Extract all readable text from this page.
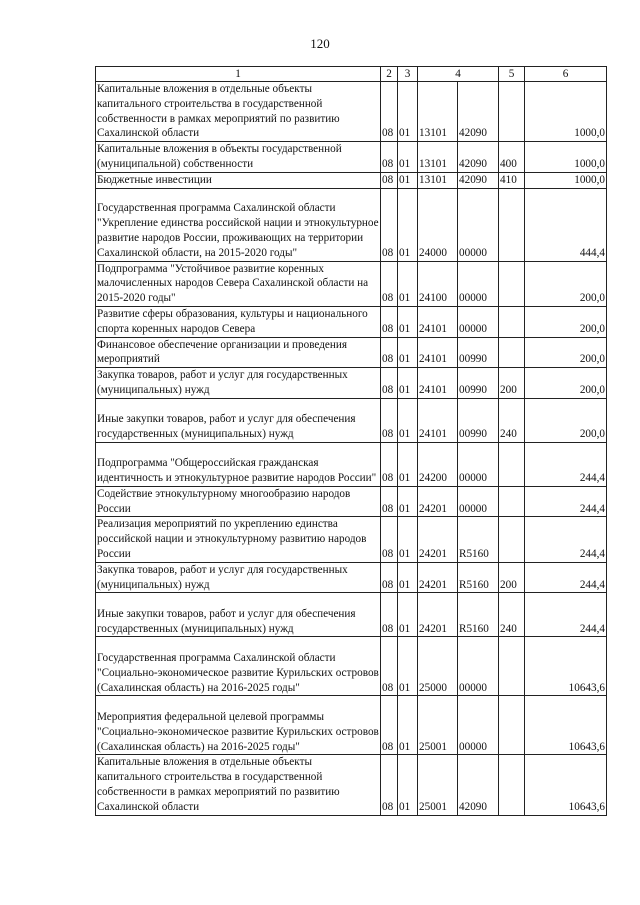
120
1	2	3	4		5	6
Капитальные вложения в отдельные объекты капитального строительства в государственной собственности в рамках мероприятий по развитию Сахалинской области	08	01	13101	42090		1000,0
Капитальные вложения в объекты государственной (муниципальной) собственности	08	01	13101	42090	400	1000,0
Бюджетные инвестиции	08	01	13101	42090	410	1000,0
Государственная программа Сахалинской области "Укрепление единства российской нации и этнокультурное развитие народов России, проживающих на территории Сахалинской области, на 2015-2020 годы"	08	01	24000	00000		444,4
Подпрограмма "Устойчивое развитие коренных малочисленных народов Севера Сахалинской области на 2015-2020 годы"	08	01	24100	00000		200,0
Развитие сферы образования, культуры и национального спорта коренных народов Севера	08	01	24101	00000		200,0
Финансовое обеспечение организации и проведения мероприятий	08	01	24101	00990		200,0
Закупка товаров, работ и услуг для государственных (муниципальных) нужд	08	01	24101	00990	200	200,0
Иные закупки товаров, работ и услуг для обеспечения государственных (муниципальных) нужд	08	01	24101	00990	240	200,0
Подпрограмма "Общероссийская гражданская идентичность и этнокультурное развитие народов России"	08	01	24200	00000		244,4
Содействие этнокультурному многообразию народов России	08	01	24201	00000		244,4
Реализация мероприятий по укреплению единства российской нации и этнокультурному развитию народов России	08	01	24201	R5160		244,4
Закупка товаров, работ и услуг для государственных (муниципальных) нужд	08	01	24201	R5160	200	244,4
Иные закупки товаров, работ и услуг для обеспечения государственных (муниципальных) нужд	08	01	24201	R5160	240	244,4
Государственная программа Сахалинской области "Социально-экономическое развитие Курильских островов (Сахалинская область) на 2016-2025 годы"	08	01	25000	00000		10643,6
Мероприятия федеральной целевой программы "Социально-экономическое развитие Курильских островов (Сахалинская область) на 2016-2025 годы"	08	01	25001	00000		10643,6
Капитальные вложения в отдельные объекты капитального строительства в государственной собственности в рамках мероприятий по развитию Сахалинской области	08	01	25001	42090		10643,6
